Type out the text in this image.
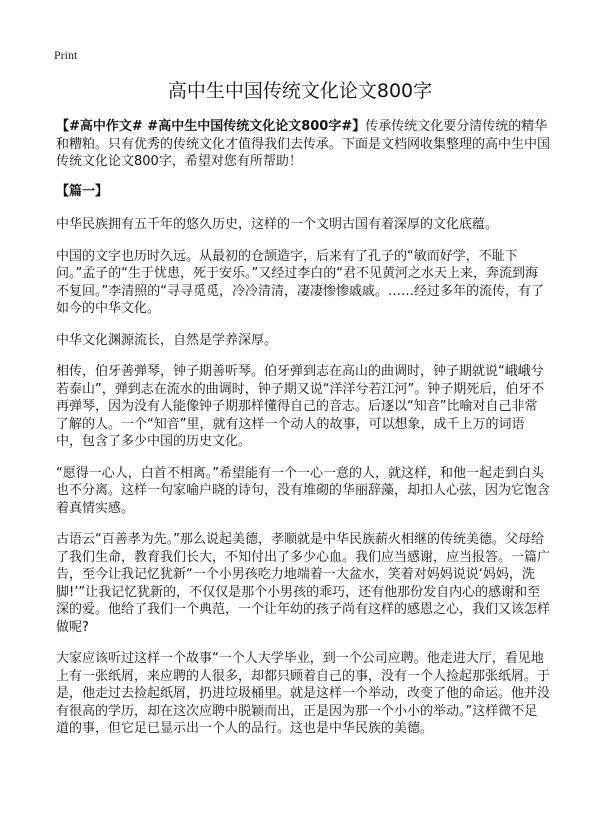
Print
高中生中国传统文化论文800字

【#高中作文# #高中生中国传统文化论文800字#】传承传统文化要分清传统的精华和糟粕。只有优秀的传统文化才值得我们去传承。下面是文档网收集整理的高中生中国传统文化论文800字，希望对您有所帮助！

【篇一】

中华民族拥有五千年的悠久历史，这样的一个文明古国有着深厚的文化底蕴。

中国的文字也历时久远。从最初的仓颉造字，后来有了孔子的“敏而好学，不耻下问。”孟子的“生于忧患，死于安乐。”又经过李白的“君不见黄河之水天上来，奔流到海不复回。”李清照的“寻寻觅觅，冷冷清清，凄凄惨惨戚戚。……经过多年的流传，有了如今的中华文化。

中华文化渊源流长，自然是学养深厚。

相传，伯牙善弹琴，钟子期善听琴。伯牙弹到志在高山的曲调时，钟子期就说“峨峨兮若泰山”，弹到志在流水的曲调时，钟子期又说“洋洋兮若江河”。钟子期死后，伯牙不再弹琴，因为没有人能像钟子期那样懂得自己的音志。后逐以“知音”比喻对自己非常了解的人。一个“知音”里，就有这样一个动人的故事，可以想象，成千上万的词语中，包含了多少中国的历史文化。

“愿得一心人，白首不相离。”希望能有一个一心一意的人，就这样，和他一起走到白头也不分离。这样一句家喻户晓的诗句，没有堆砌的华丽辞藻，却扣人心弦，因为它饱含着真情实感。

古语云“百善孝为先。”那么说起美德，孝顺就是中华民族薪火相继的传统美德。父母给了我们生命，教育我们长大，不知付出了多少心血。我们应当感谢，应当报答。一篇广告，至今让我记忆犹新“一个小男孩吃力地端着一大盆水，笑着对妈妈说说‘妈妈，洗脚!’”让我记忆犹新的，不仅仅是那个小男孩的乖巧，还有他那份发自内心的感谢和至深的爱。他给了我们一个典范，一个让年幼的孩子尚有这样的感恩之心，我们又该怎样做呢?

大家应该听过这样一个故事“一个人大学毕业，到一个公司应聘。他走进大厅，看见地上有一张纸屑，来应聘的人很多，却都只顾着自己的事，没有一个人捡起那张纸屑。于是，他走过去捡起纸屑，扔进垃圾桶里。就是这样一个举动，改变了他的命运。他并没有很高的学历，却在这次应聘中脱颖而出，正是因为那一个小小的举动。”这样微不足道的事，但它足已显示出一个人的品行。这也是中华民族的美德。
